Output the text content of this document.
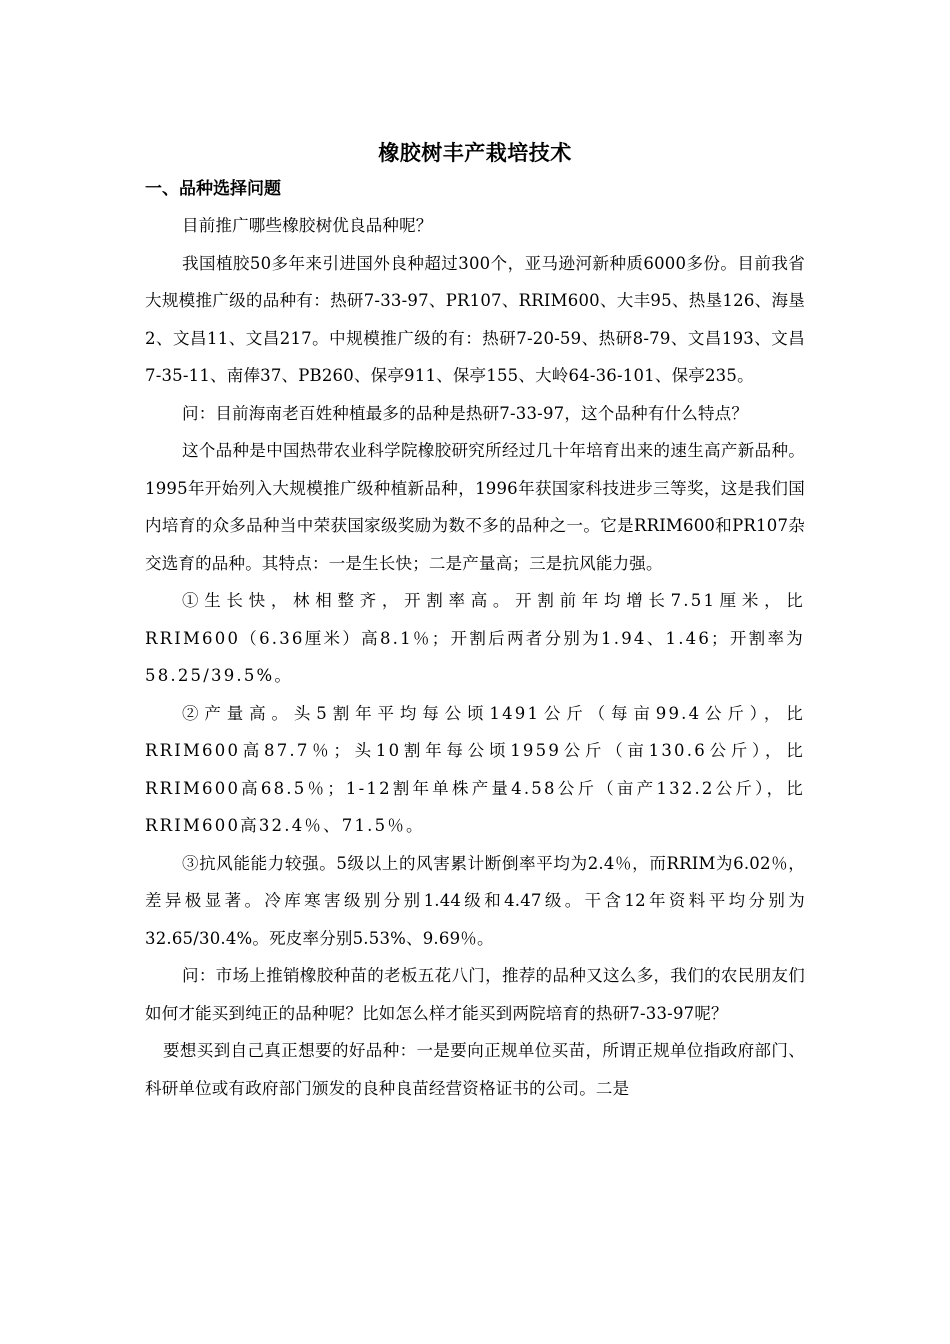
橡胶树丰产栽培技术

一、品种选择问题

目前推广哪些橡胶树优良品种呢？

我国植胶50多年来引进国外良种超过300个，亚马逊河新种质6000多份。目前我省大规模推广级的品种有：热研7-33-97、PR107、RRIM600、大丰95、热垦126、海垦2、文昌11、文昌217。中规模推广级的有：热研7-20-59、热研8-79、文昌193、文昌7-35-11、南俸37、PB260、保亭911、保亭155、大岭64-36-101、保亭235。

问：目前海南老百姓种植最多的品种是热研7-33-97，这个品种有什么特点？

这个品种是中国热带农业科学院橡胶研究所经过几十年培育出来的速生高产新品种。1995年开始列入大规模推广级种植新品种，1996年获国家科技进步三等奖，这是我们国内培育的众多品种当中荣获国家级奖励为数不多的品种之一。它是RRIM600和PR107杂交选育的品种。其特点：一是生长快；二是产量高；三是抗风能力强。

①生长快，林相整齐，开割率高。开割前年均增长7.51厘米，比RRIM600（6.36厘米）高8.1％；开割后两者分别为1.94、1.46；开割率为58.25/39.5%。

②产量高。头5割年平均每公顷1491公斤（每亩99.4公斤），比RRIM600高87.7％；头10割年每公顷1959公斤（亩130.6公斤），比RRIM600高68.5％；1-12割年单株产量4.58公斤（亩产132.2公斤），比RRIM600高32.4％、71.5％。

③抗风能能力较强。5级以上的风害累计断倒率平均为2.4％，而RRIM为6.02％，差异极显著。冷库寒害级别分别1.44级和4.47级。干含12年资料平均分别为32.65/30.4%。死皮率分别5.53%、9.69％。

问：市场上推销橡胶种苗的老板五花八门，推荐的品种又这么多，我们的农民朋友们如何才能买到纯正的品种呢？比如怎么样才能买到两院培育的热研7-33-97呢？

要想买到自己真正想要的好品种：一是要向正规单位买苗，所谓正规单位指政府部门、科研单位或有政府部门颁发的良种良苗经营资格证书的公司。二是
